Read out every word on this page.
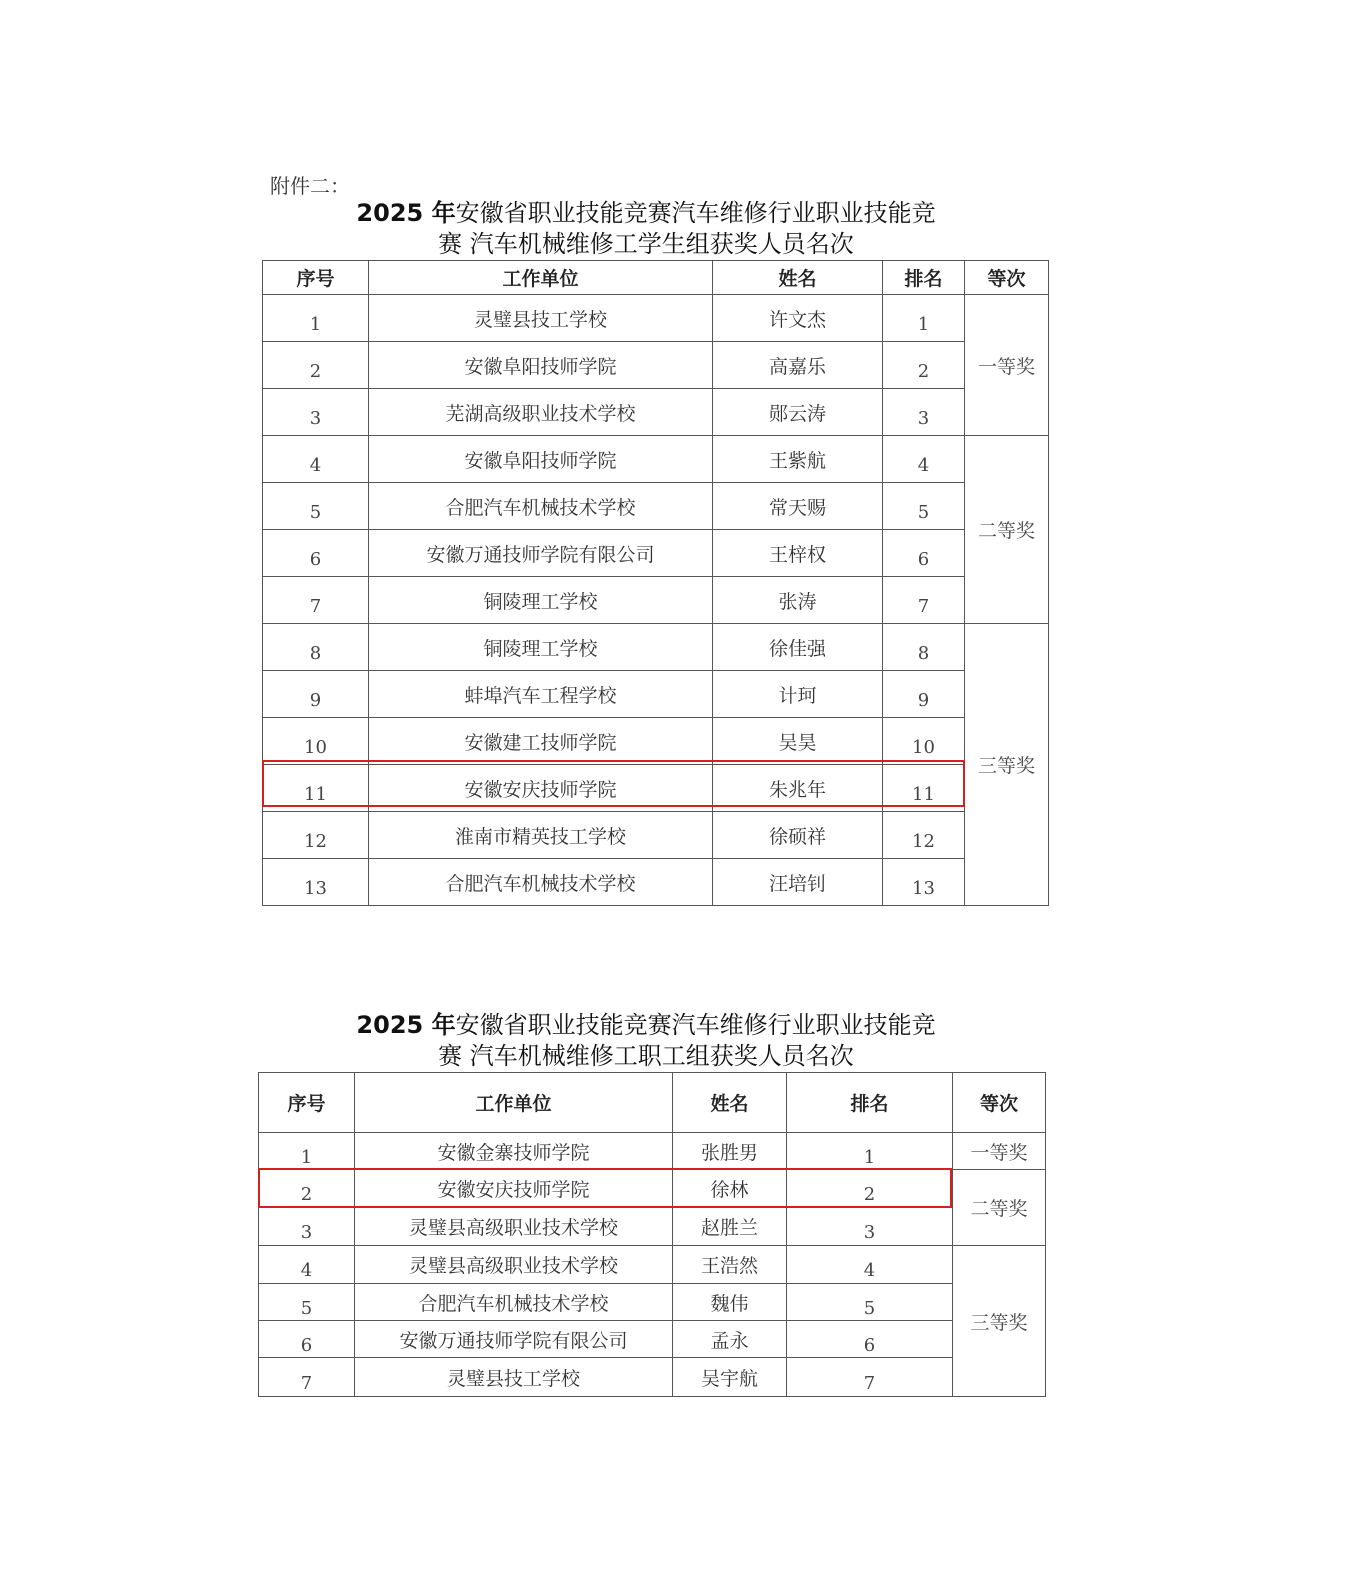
附件二：
2025 年安徽省职业技能竞赛汽车维修行业职业技能竞
赛 汽车机械维修工学生组获奖人员名次
序号	工作单位	姓名	排名	等次
1	灵璧县技工学校	许文杰	1	一等奖
2	安徽阜阳技师学院	高嘉乐	2	
3	芜湖高级职业技术学校	郧云涛	3	
4	安徽阜阳技师学院	王紫航	4	二等奖
5	合肥汽车机械技术学校	常天赐	5	
6	安徽万通技师学院有限公司	王梓权	6	
7	铜陵理工学校	张涛	7	
8	铜陵理工学校	徐佳强	8	三等奖
9	蚌埠汽车工程学校	计珂	9	
10	安徽建工技师学院	吴昊	10	
11	安徽安庆技师学院	朱兆年	11	
12	淮南市精英技工学校	徐硕祥	12	
13	合肥汽车机械技术学校	汪培钊	13	
2025 年安徽省职业技能竞赛汽车维修行业职业技能竞
赛 汽车机械维修工职工组获奖人员名次
序号	工作单位	姓名	排名	等次
1	安徽金寨技师学院	张胜男	1	一等奖
2	安徽安庆技师学院	徐林	2	二等奖
3	灵璧县高级职业技术学校	赵胜兰	3	
4	灵璧县高级职业技术学校	王浩然	4	三等奖
5	合肥汽车机械技术学校	魏伟	5	
6	安徽万通技师学院有限公司	孟永	6	
7	灵璧县技工学校	吴宇航	7	
